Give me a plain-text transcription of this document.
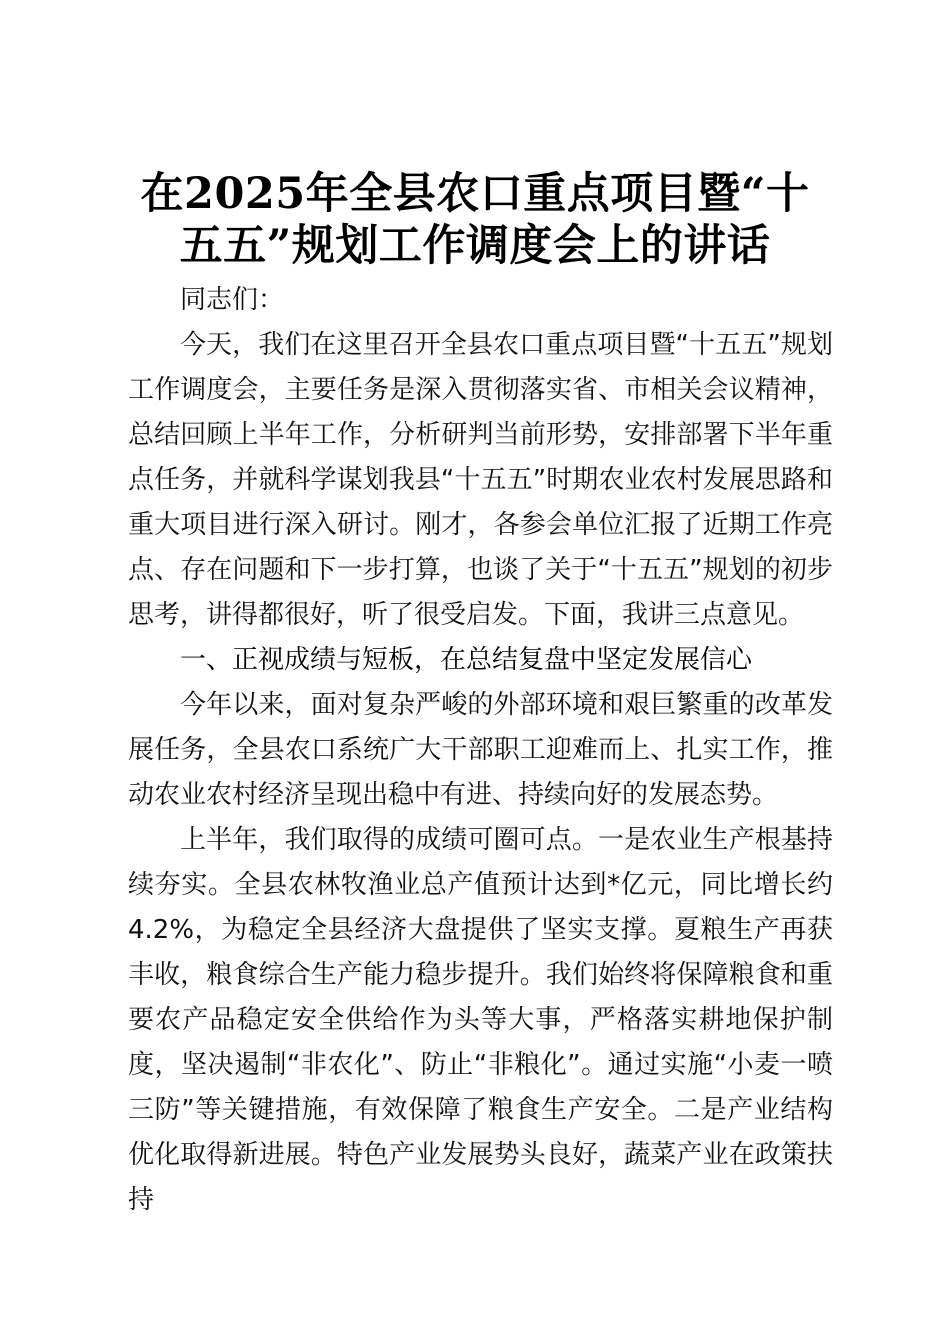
在2025年全县农口重点项目暨“十五五”规划工作调度会上的讲话

同志们：

今天，我们在这里召开全县农口重点项目暨“十五五”规划工作调度会，主要任务是深入贯彻落实省、市相关会议精神，总结回顾上半年工作，分析研判当前形势，安排部署下半年重点任务，并就科学谋划我县“十五五”时期农业农村发展思路和重大项目进行深入研讨。刚才，各参会单位汇报了近期工作亮点、存在问题和下一步打算，也谈了关于“十五五”规划的初步思考，讲得都很好，听了很受启发。下面，我讲三点意见。

一、正视成绩与短板，在总结复盘中坚定发展信心

今年以来，面对复杂严峻的外部环境和艰巨繁重的改革发展任务，全县农口系统广大干部职工迎难而上、扎实工作，推动农业农村经济呈现出稳中有进、持续向好的发展态势。

上半年，我们取得的成绩可圈可点。一是农业生产根基持续夯实。全县农林牧渔业总产值预计达到*亿元，同比增长约4.2%，为稳定全县经济大盘提供了坚实支撑。夏粮生产再获丰收，粮食综合生产能力稳步提升。我们始终将保障粮食和重要农产品稳定安全供给作为头等大事，严格落实耕地保护制度，坚决遏制“非农化”、防止“非粮化”。通过实施“小麦一喷三防”等关键措施，有效保障了粮食生产安全。二是产业结构优化取得新进展。特色产业发展势头良好，蔬菜产业在政策扶持
